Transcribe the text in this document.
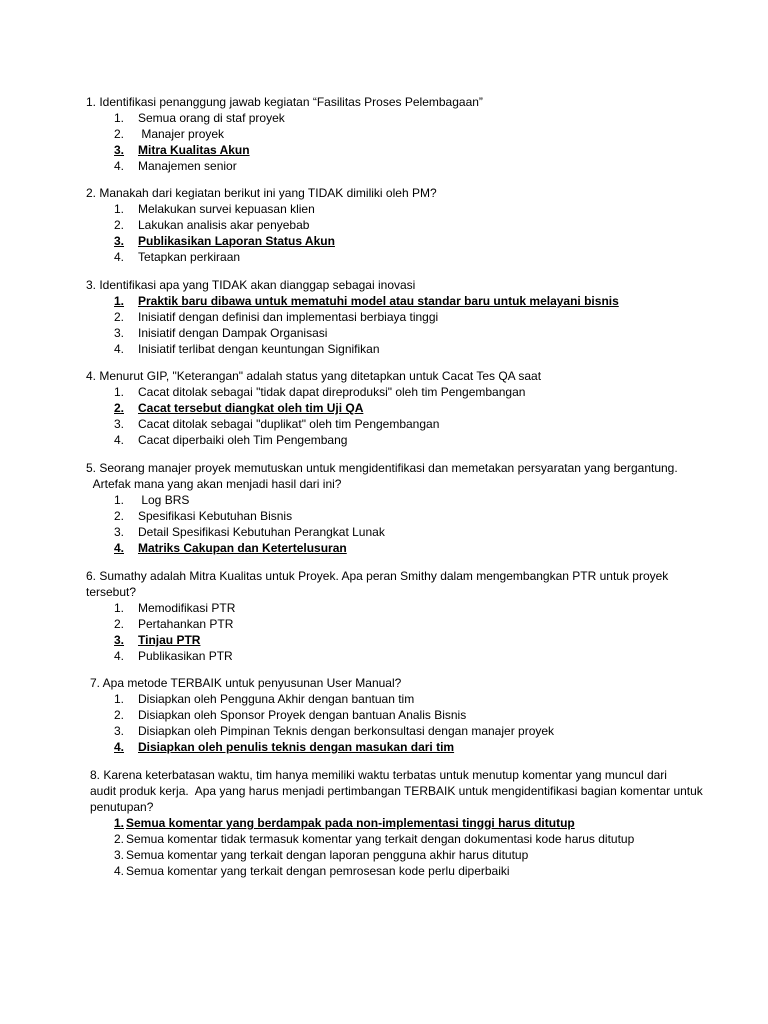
1. Identifikasi penanggung jawab kegiatan “Fasilitas Proses Pelembagaan”

1.	Semua orang di staf proyek
2.	Manajer proyek
3.	Mitra Kualitas Akun
4.	Manajemen senior

2. Manakah dari kegiatan berikut ini yang TIDAK dimiliki oleh PM?

1.	Melakukan survei kepuasan klien
2.	Lakukan analisis akar penyebab
3.	Publikasikan Laporan Status Akun
4.	Tetapkan perkiraan

3. Identifikasi apa yang TIDAK akan dianggap sebagai inovasi

1.	Praktik baru dibawa untuk mematuhi model atau standar baru untuk melayani bisnis
2.	Inisiatif dengan definisi dan implementasi berbiaya tinggi
3.	Inisiatif dengan Dampak Organisasi
4.	Inisiatif terlibat dengan keuntungan Signifikan

4. Menurut GIP, "Keterangan" adalah status yang ditetapkan untuk Cacat Tes QA saat

1.	Cacat ditolak sebagai "tidak dapat direproduksi" oleh tim Pengembangan
2.	Cacat tersebut diangkat oleh tim Uji QA
3.	Cacat ditolak sebagai "duplikat" oleh tim Pengembangan
4.	Cacat diperbaiki oleh Tim Pengembang

5. Seorang manajer proyek memutuskan untuk mengidentifikasi dan memetakan persyaratan yang bergantung.
Artefak mana yang akan menjadi hasil dari ini?

1.	Log BRS
2.	Spesifikasi Kebutuhan Bisnis
3.	Detail Spesifikasi Kebutuhan Perangkat Lunak
4.	Matriks Cakupan dan Ketertelusuran

6. Sumathy adalah Mitra Kualitas untuk Proyek. Apa peran Smithy dalam mengembangkan PTR untuk proyek
tersebut?

1.	Memodifikasi PTR
2.	Pertahankan PTR
3.	Tinjau PTR
4.	Publikasikan PTR

7. Apa metode TERBAIK untuk penyusunan User Manual?

1.	Disiapkan oleh Pengguna Akhir dengan bantuan tim
2.	Disiapkan oleh Sponsor Proyek dengan bantuan Analis Bisnis
3.	Disiapkan oleh Pimpinan Teknis dengan berkonsultasi dengan manajer proyek
4.	Disiapkan oleh penulis teknis dengan masukan dari tim

8. Karena keterbatasan waktu, tim hanya memiliki waktu terbatas untuk menutup komentar yang muncul dari
audit produk kerja.  Apa yang harus menjadi pertimbangan TERBAIK untuk mengidentifikasi bagian komentar untuk
penutupan?

1. Semua komentar yang berdampak pada non-implementasi tinggi harus ditutup
2. Semua komentar tidak termasuk komentar yang terkait dengan dokumentasi kode harus ditutup
3. Semua komentar yang terkait dengan laporan pengguna akhir harus ditutup
4. Semua komentar yang terkait dengan pemrosesan kode perlu diperbaiki
